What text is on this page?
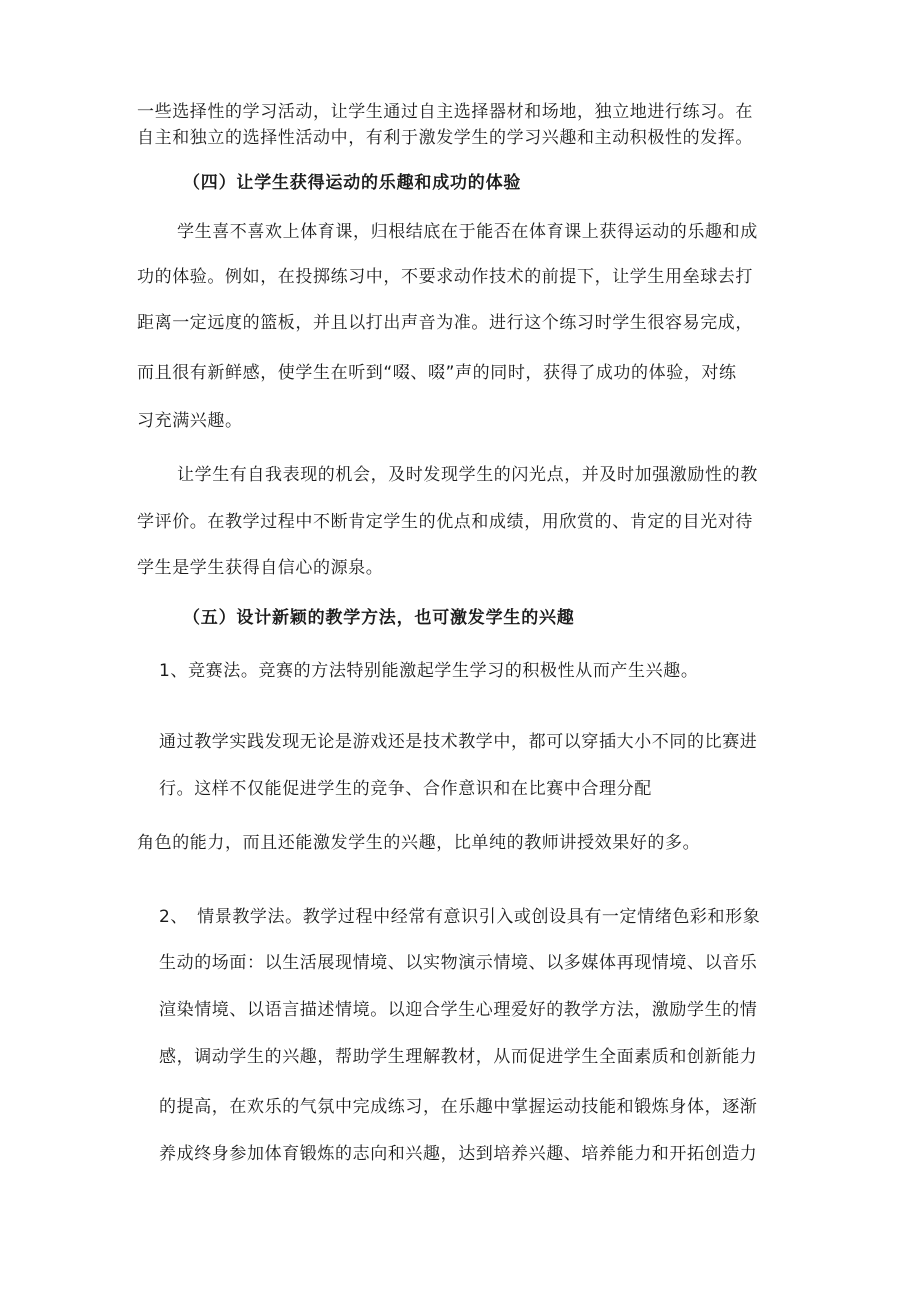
一些选择性的学习活动，让学生通过自主选择器材和场地，独立地进行练习。在
自主和独立的选择性活动中，有利于激发学生的学习兴趣和主动积极性的发挥。
（四）让学生获得运动的乐趣和成功的体验
学生喜不喜欢上体育课，归根结底在于能否在体育课上获得运动的乐趣和成
功的体验。例如，在投掷练习中，不要求动作技术的前提下，让学生用垒球去打
距离一定远度的篮板，并且以打出声音为准。进行这个练习时学生很容易完成，
而且很有新鲜感，使学生在听到“啜、啜”声的同时，获得了成功的体验，对练
习充满兴趣。
让学生有自我表现的机会，及时发现学生的闪光点，并及时加强激励性的教
学评价。在教学过程中不断肯定学生的优点和成绩，用欣赏的、肯定的目光对待
学生是学生获得自信心的源泉。
（五）设计新颖的教学方法，也可激发学生的兴趣
1、竞赛法。竞赛的方法特别能激起学生学习的积极性从而产生兴趣。
通过教学实践发现无论是游戏还是技术教学中，都可以穿插大小不同的比赛进
行。这样不仅能促进学生的竞争、合作意识和在比赛中合理分配
角色的能力，而且还能激发学生的兴趣，比单纯的教师讲授效果好的多。
2、　情景教学法。教学过程中经常有意识引入或创设具有一定情绪色彩和形象
生动的场面：以生活展现情境、以实物演示情境、以多媒体再现情境、以音乐
渲染情境、以语言描述情境。以迎合学生心理爱好的教学方法，激励学生的情
感，调动学生的兴趣，帮助学生理解教材，从而促进学生全面素质和创新能力
的提高，在欢乐的气氛中完成练习，在乐趣中掌握运动技能和锻炼身体，逐渐
养成终身参加体育锻炼的志向和兴趣，达到培养兴趣、培养能力和开拓创造力
